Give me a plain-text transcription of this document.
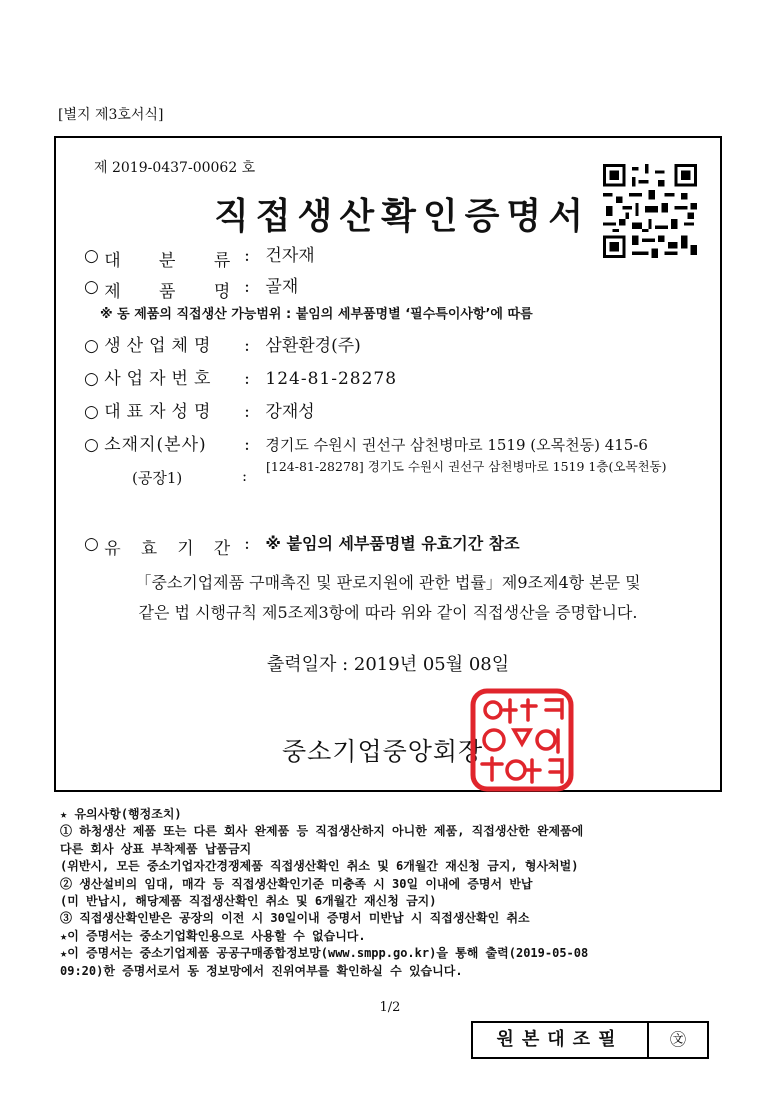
[별지 제3호서식]
제 2019-0437-00062 호
직접생산확인증명서
○ 대 분 류 : 건자재
○ 제 품 명 : 골재
※ 동 제품의 직접생산 가능범위 : 붙임의 세부품명별 ‘필수특이사항’에 따름
○ 생산업체명 : 삼환환경(주)
○ 사업자번호 : 124-81-28278
○ 대표자성명 : 강재성
○ 소재지(본사) : 경기도 수원시 권선구 삼천병마로 1519 (오목천동) 415-6
(공장1)	:
[124-81-28278] 경기도 수원시 권선구 삼천병마로 1519 1층(오목천동)
○ 유 효 기 간 : ※ 붙임의 세부품명별 유효기간 참조
「중소기업제품 구매촉진 및 판로지원에 관한 법률」제9조제4항 본문 및
같은 법 시행규칙 제5조제3항에 따라 위와 같이 직접생산을 증명합니다.
출력일자 : 2019년 05월 08일
중소기업중앙회장
★ 유의사항(행정조치)
① 하청생산 제품 또는 다른 회사 완제품 등 직접생산하지 아니한 제품, 직접생산한 완제품에
다른 회사 상표 부착제품 납품금지
(위반시, 모든 중소기업자간경쟁제품 직접생산확인 취소 및 6개월간 재신청 금지, 형사처벌)
② 생산설비의 임대, 매각 등 직접생산확인기준 미충족 시 30일 이내에 증명서 반납
(미 반납시, 해당제품 직접생산확인 취소 및 6개월간 재신청 금지)
③ 직접생산확인받은 공장의 이전 시 30일이내 증명서 미반납 시 직접생산확인 취소
★이 증명서는 중소기업확인용으로 사용할 수 없습니다.
★이 증명서는 중소기업제품 공공구매종합정보망(www.smpp.go.kr)을 통해 출력(2019-05-08
09:20)한 증명서로서 동 정보망에서 진위여부를 확인하실 수 있습니다.
1/2
원본대조필	㉆
